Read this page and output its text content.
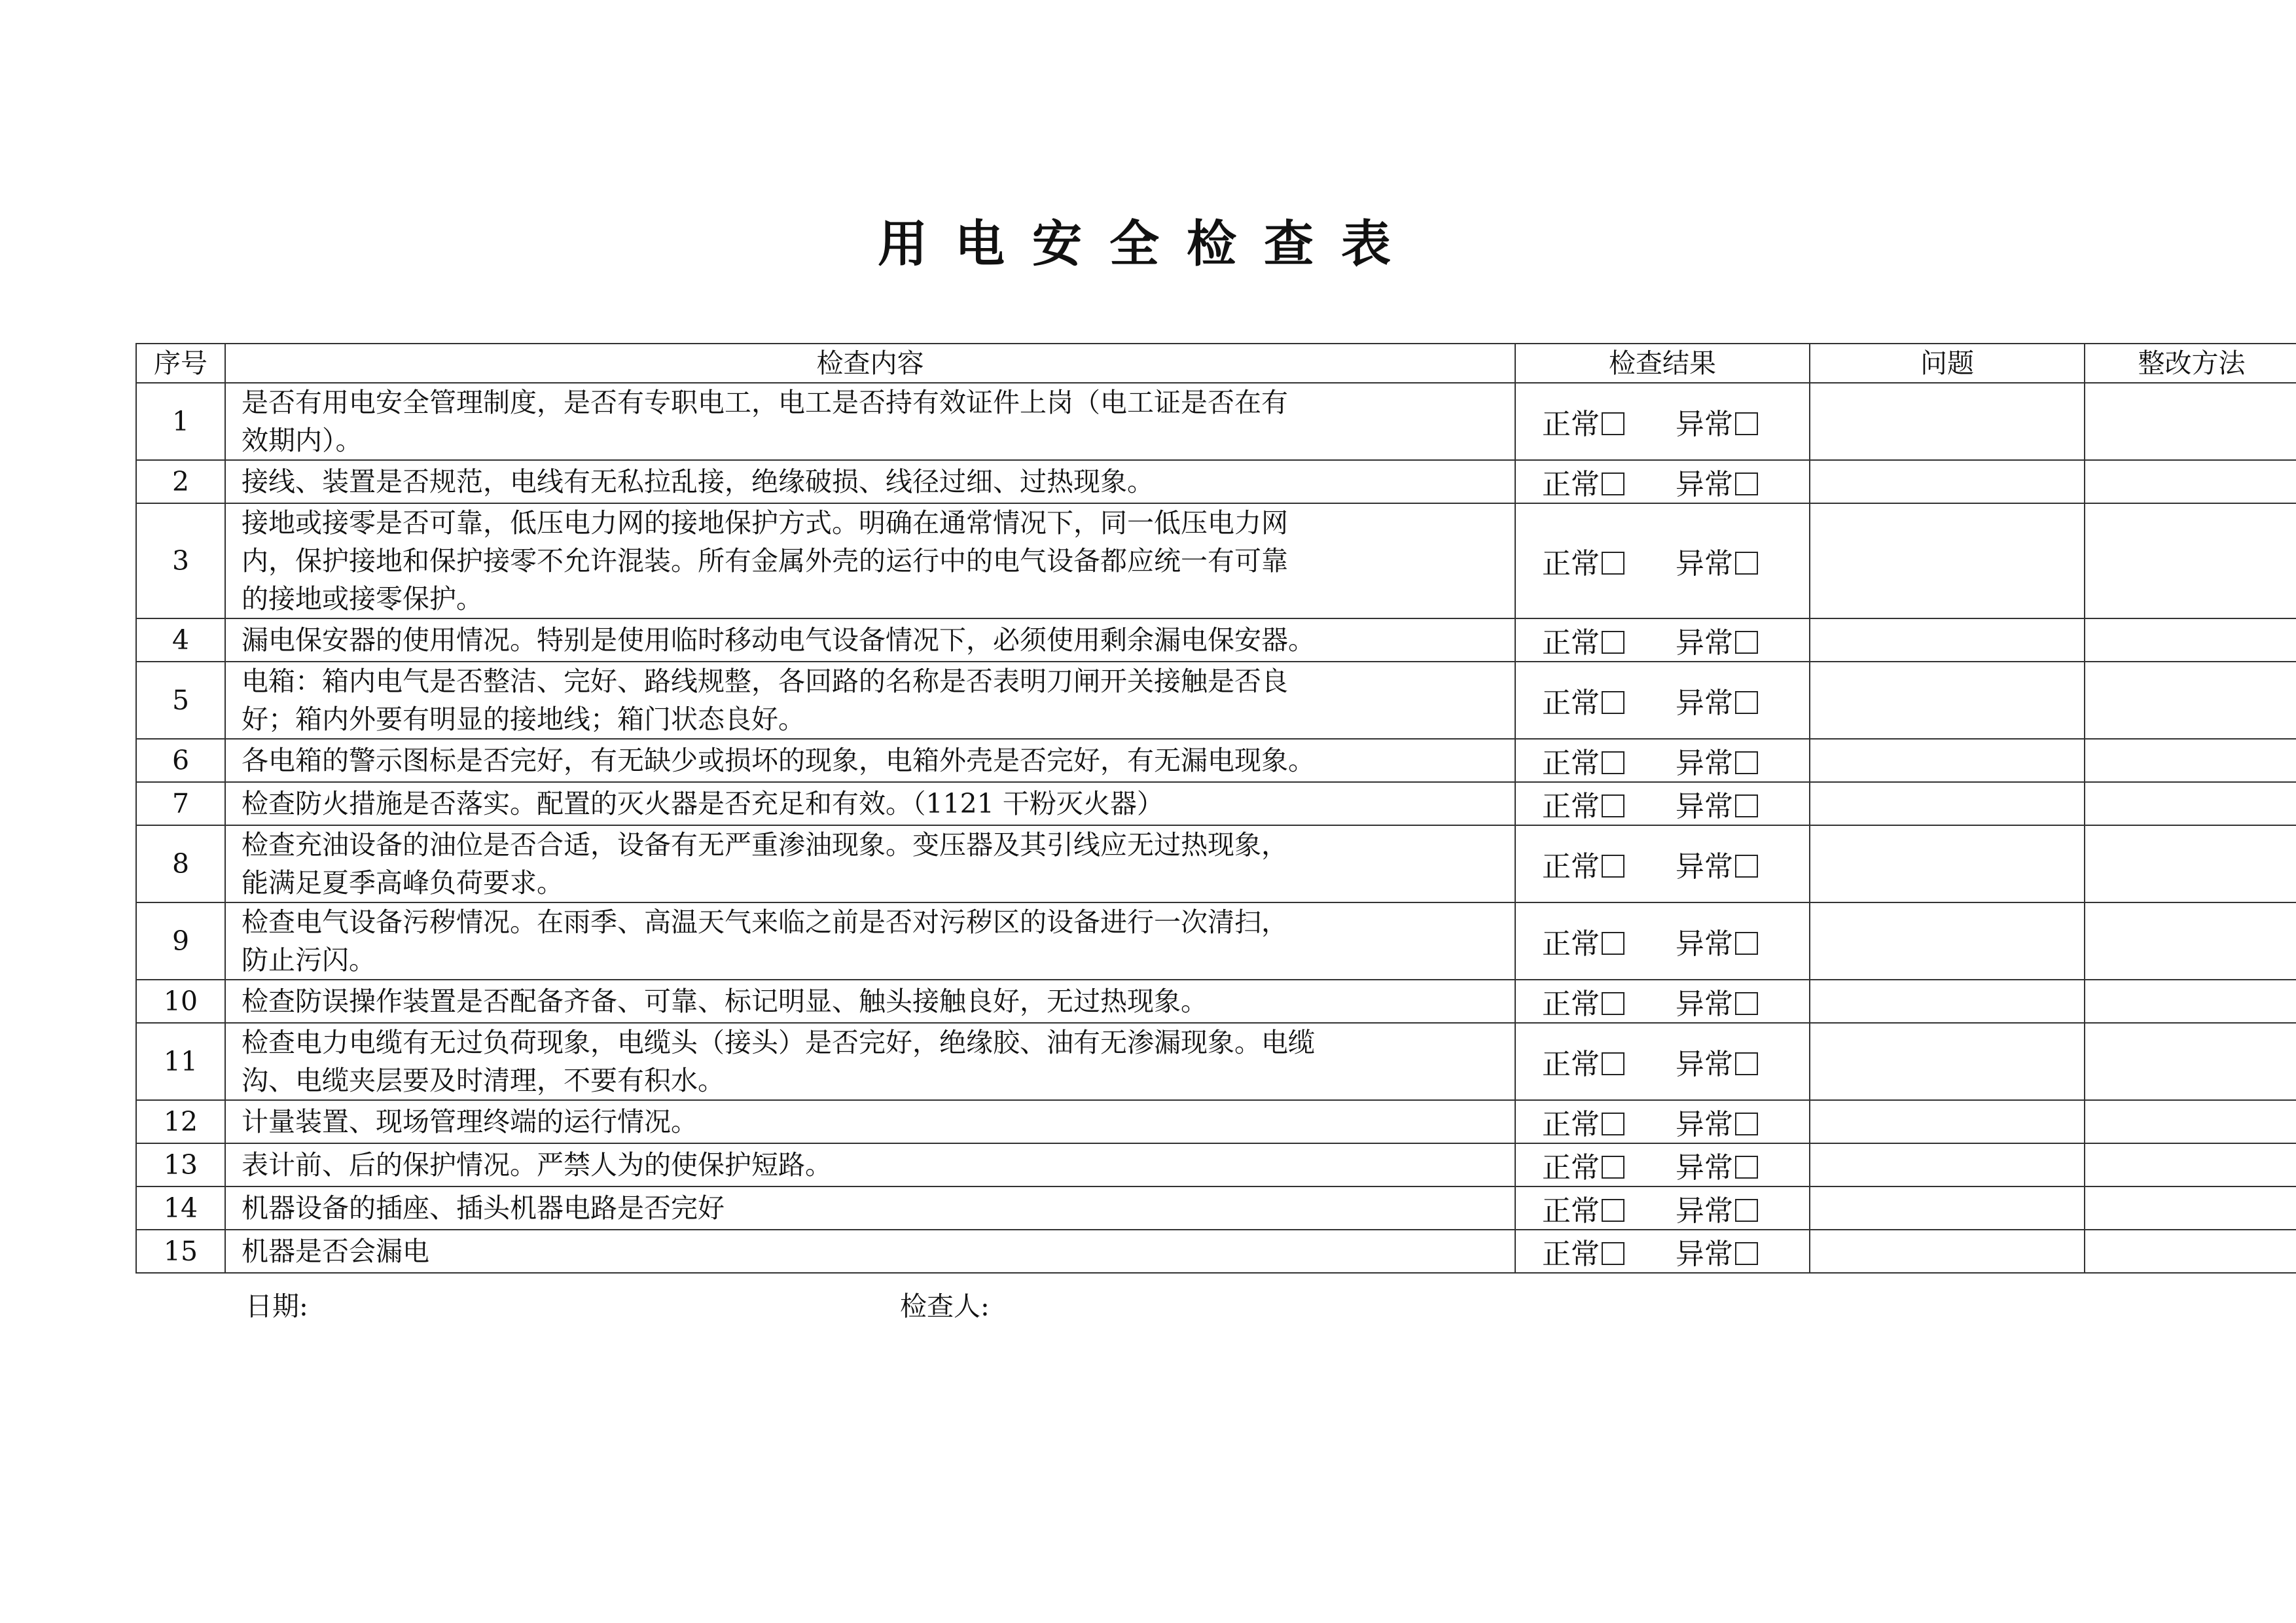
用电安全检查表
序号	检查内容	检查结果	问题	整改方法
1	是否有用电安全管理制度，是否有专职电工，电工是否持有效证件上岗（电工证是否在有
效期内）。	正常 异常		
2	接线、装置是否规范，电线有无私拉乱接，绝缘破损、线径过细、过热现象。	正常 异常		
3	接地或接零是否可靠，低压电力网的接地保护方式。明确在通常情况下，同一低压电力网
内，保护接地和保护接零不允许混装。所有金属外壳的运行中的电气设备都应统一有可靠
的接地或接零保护。	正常 异常		
4	漏电保安器的使用情况。特别是使用临时移动电气设备情况下，必须使用剩余漏电保安器。	正常 异常		
5	电箱：箱内电气是否整洁、完好、路线规整，各回路的名称是否表明刀闸开关接触是否良
好；箱内外要有明显的接地线；箱门状态良好。	正常 异常		
6	各电箱的警示图标是否完好，有无缺少或损坏的现象，电箱外壳是否完好，有无漏电现象。	正常 异常		
7	检查防火措施是否落实。配置的灭火器是否充足和有效。（1121 干粉灭火器）	正常 异常		
8	检查充油设备的油位是否合适，设备有无严重渗油现象。变压器及其引线应无过热现象，
能满足夏季高峰负荷要求。	正常 异常		
9	检查电气设备污秽情况。在雨季、高温天气来临之前是否对污秽区的设备进行一次清扫，
防止污闪。	正常 异常		
10	检查防误操作装置是否配备齐备、可靠、标记明显、触头接触良好，无过热现象。	正常 异常		
11	检查电力电缆有无过负荷现象，电缆头（接头）是否完好，绝缘胶、油有无渗漏现象。电缆
沟、电缆夹层要及时清理，不要有积水。	正常 异常		
12	计量装置、现场管理终端的运行情况。	正常 异常		
13	表计前、后的保护情况。严禁人为的使保护短路。	正常 异常		
14	机器设备的插座、插头机器电路是否完好	正常 异常		
15	机器是否会漏电	正常 异常		
日期:	检查人:
